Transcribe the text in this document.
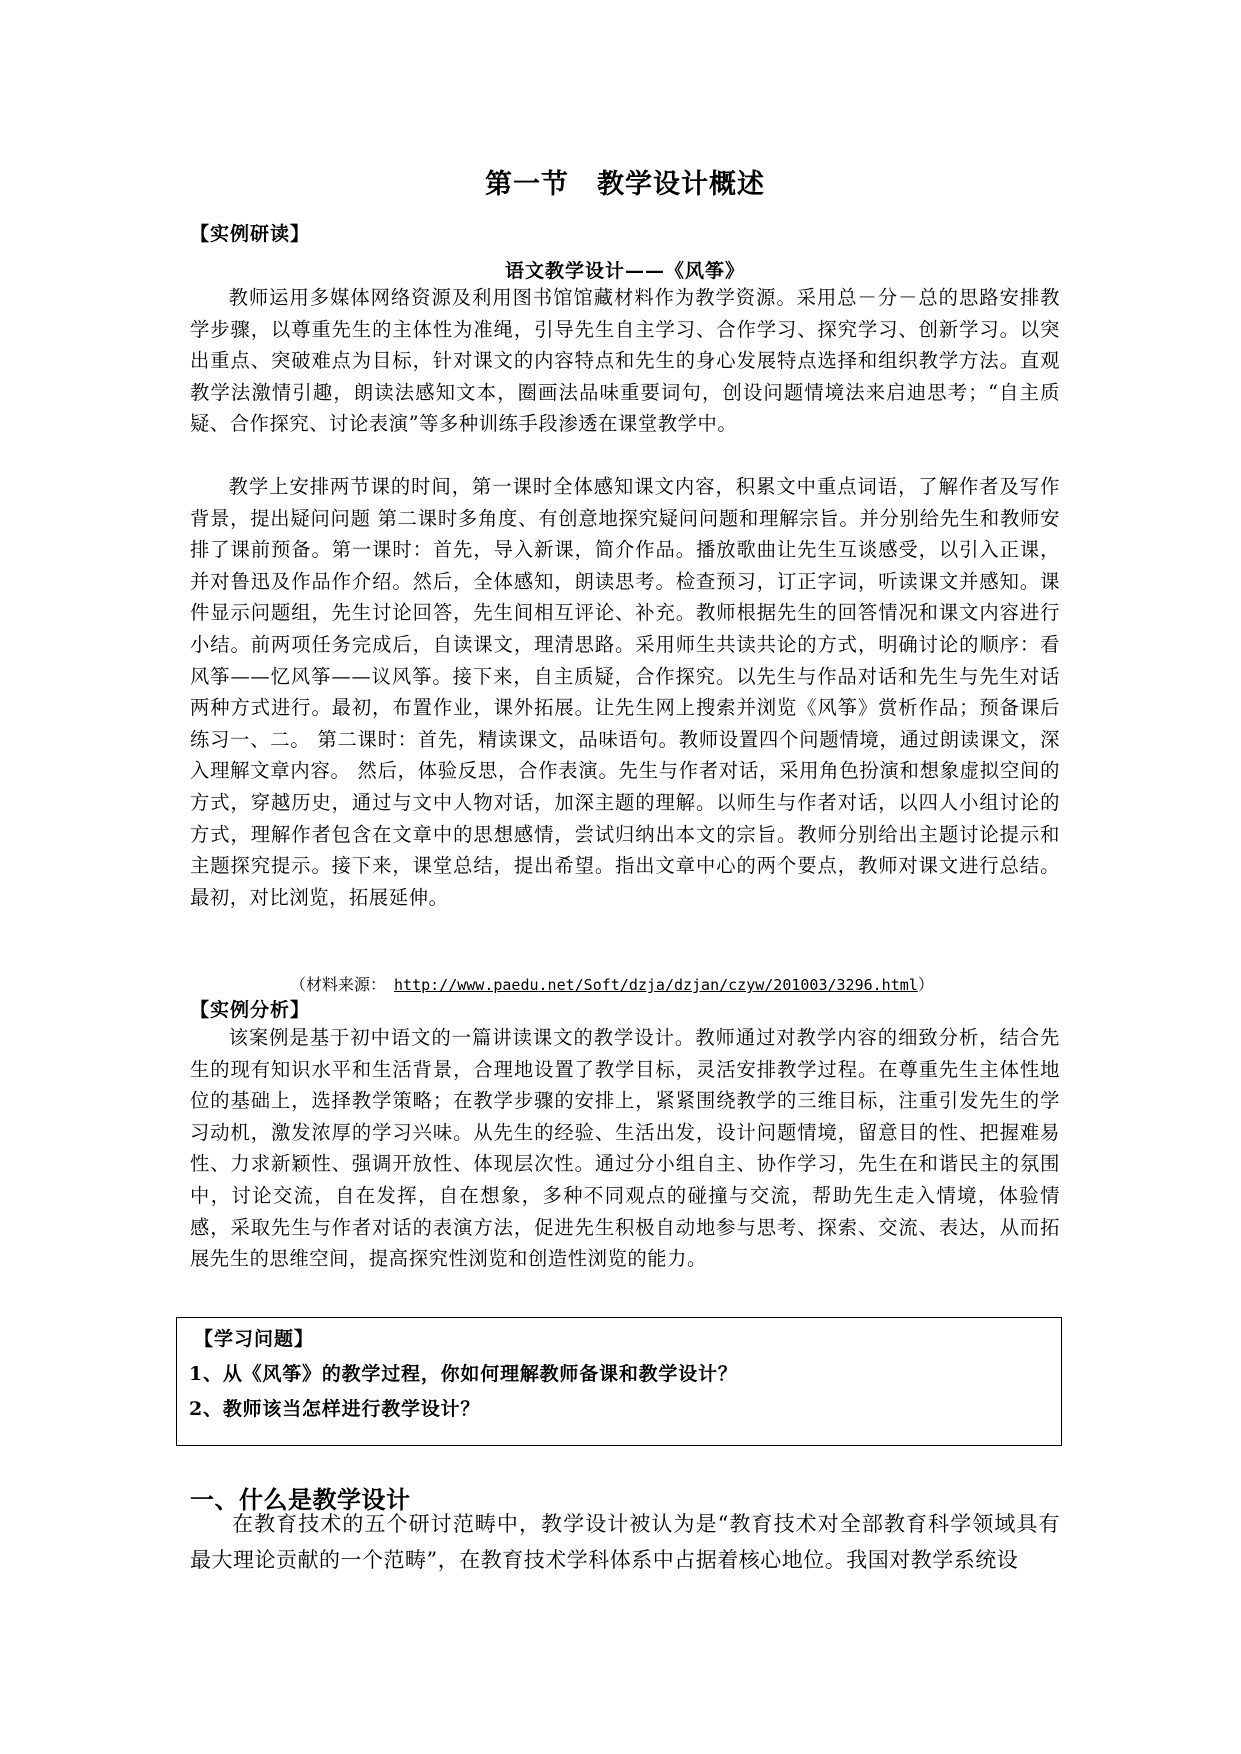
第一节　教学设计概述
【实例研读】
语文教学设计——《风筝》

教师运用多媒体网络资源及利用图书馆馆藏材料作为教学资源。采用总－分－总的思路安排教学步骤，以尊重先生的主体性为准绳，引导先生自主学习、合作学习、探究学习、创新学习。以突出重点、突破难点为目标，针对课文的内容特点和先生的身心发展特点选择和组织教学方法。直观教学法激情引趣，朗读法感知文本，圈画法品味重要词句，创设问题情境法来启迪思考；“自主质疑、合作探究、讨论表演”等多种训练手段渗透在课堂教学中。

教学上安排两节课的时间，第一课时全体感知课文内容，积累文中重点词语，了解作者及写作背景，提出疑问问题 第二课时多角度、有创意地探究疑问问题和理解宗旨。并分别给先生和教师安排了课前预备。第一课时：首先，导入新课，简介作品。播放歌曲让先生互谈感受，以引入正课，并对鲁迅及作品作介绍。然后，全体感知，朗读思考。检查预习，订正字词，听读课文并感知。课件显示问题组，先生讨论回答，先生间相互评论、补充。教师根据先生的回答情况和课文内容进行小结。前两项任务完成后，自读课文，理清思路。采用师生共读共论的方式，明确讨论的顺序：看风筝——忆风筝——议风筝。接下来，自主质疑，合作探究。以先生与作品对话和先生与先生对话两种方式进行。最初，布置作业，课外拓展。让先生网上搜索并浏览《风筝》赏析作品；预备课后练习一、二。 第二课时：首先，精读课文，品味语句。教师设置四个问题情境，通过朗读课文，深入理解文章内容。 然后，体验反思，合作表演。先生与作者对话，采用角色扮演和想象虚拟空间的方式，穿越历史，通过与文中人物对话，加深主题的理解。以师生与作者对话，以四人小组讨论的方式，理解作者包含在文章中的思想感情，尝试归纳出本文的宗旨。教师分别给出主题讨论提示和主题探究提示。接下来，课堂总结，提出希望。指出文章中心的两个要点，教师对课文进行总结。最初，对比浏览，拓展延伸。

（材料来源：　http://www.paedu.net/Soft/dzja/dzjan/czyw/201003/3296.html）
【实例分析】

该案例是基于初中语文的一篇讲读课文的教学设计。教师通过对教学内容的细致分析，结合先生的现有知识水平和生活背景，合理地设置了教学目标，灵活安排教学过程。在尊重先生主体性地位的基础上，选择教学策略；在教学步骤的安排上，紧紧围绕教学的三维目标，注重引发先生的学习动机，激发浓厚的学习兴味。从先生的经验、生活出发，设计问题情境，留意目的性、把握难易性、力求新颖性、强调开放性、体现层次性。通过分小组自主、协作学习，先生在和谐民主的氛围中，讨论交流，自在发挥，自在想象，多种不同观点的碰撞与交流，帮助先生走入情境，体验情感，采取先生与作者对话的表演方法，促进先生积极自动地参与思考、探索、交流、表达，从而拓展先生的思维空间，提高探究性浏览和创造性浏览的能力。

【学习问题】
1、从《风筝》的教学过程，你如何理解教师备课和教学设计？
2、教师该当怎样进行教学设计？
一、什么是教学设计

在教育技术的五个研讨范畴中，教学设计被认为是“教育技术对全部教育科学领域具有最大理论贡献的一个范畴”，在教育技术学科体系中占据着核心地位。我国对教学系统设
